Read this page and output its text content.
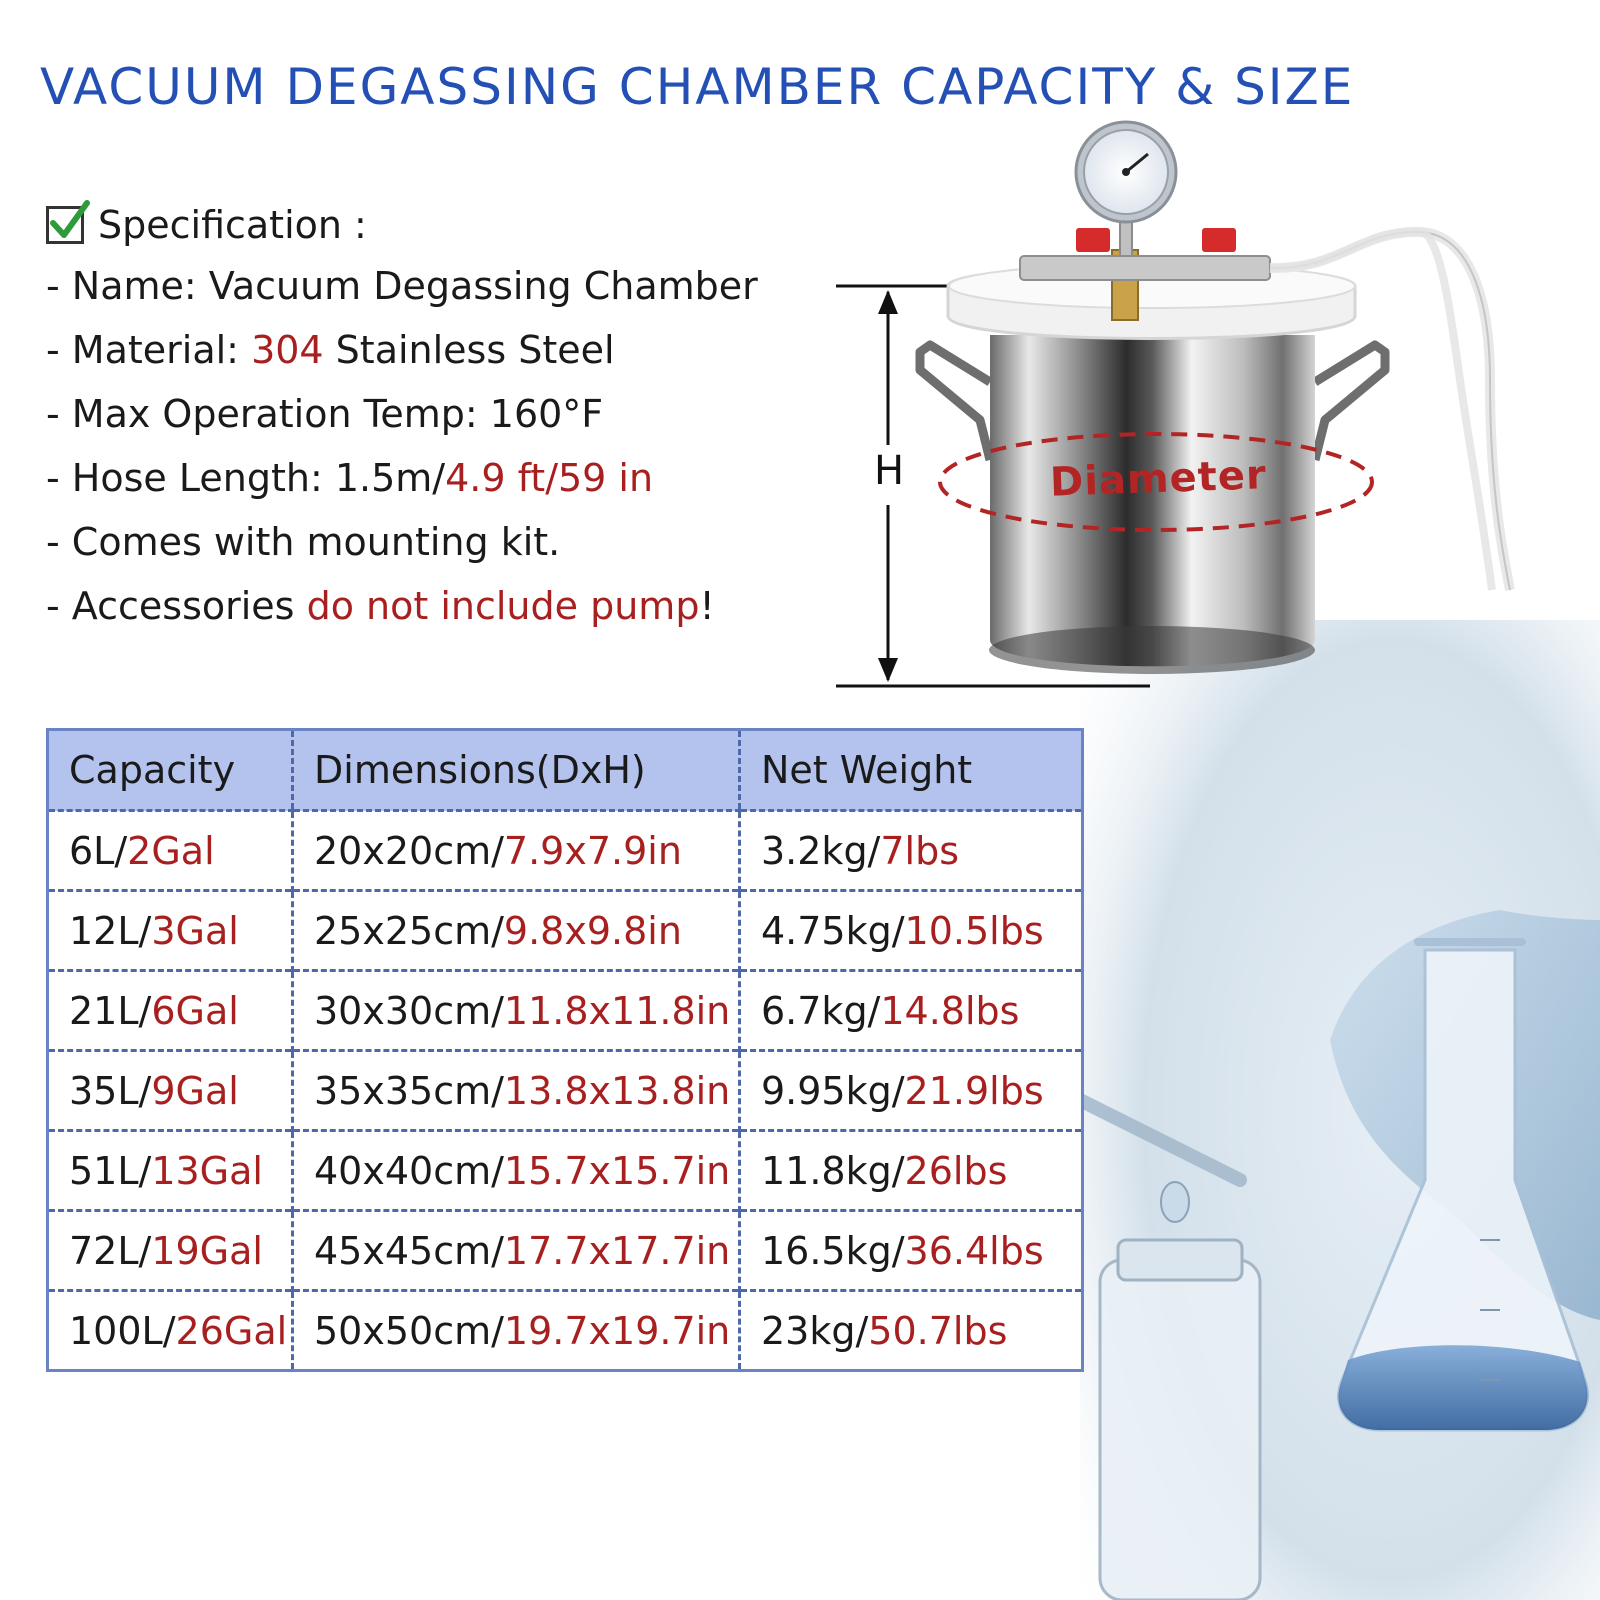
VACUUM DEGASSING CHAMBER CAPACITY & SIZE
Specification :
- Name: Vacuum Degassing Chamber
- Material: 304 Stainless Steel
- Max Operation Temp: 160°F
- Hose Length: 1.5m/4.9 ft/59 in
- Comes with mounting kit.
- Accessories do not include pump!
H	Diameter
Capacity	Dimensions(DxH)	Net Weight
6L/2Gal	20x20cm/7.9x7.9in	3.2kg/7lbs
12L/3Gal	25x25cm/9.8x9.8in	4.75kg/10.5lbs
21L/6Gal	30x30cm/11.8x11.8in	6.7kg/14.8lbs
35L/9Gal	35x35cm/13.8x13.8in	9.95kg/21.9lbs
51L/13Gal	40x40cm/15.7x15.7in	11.8kg/26lbs
72L/19Gal	45x45cm/17.7x17.7in	16.5kg/36.4lbs
100L/26Gal	50x50cm/19.7x19.7in	23kg/50.7lbs
